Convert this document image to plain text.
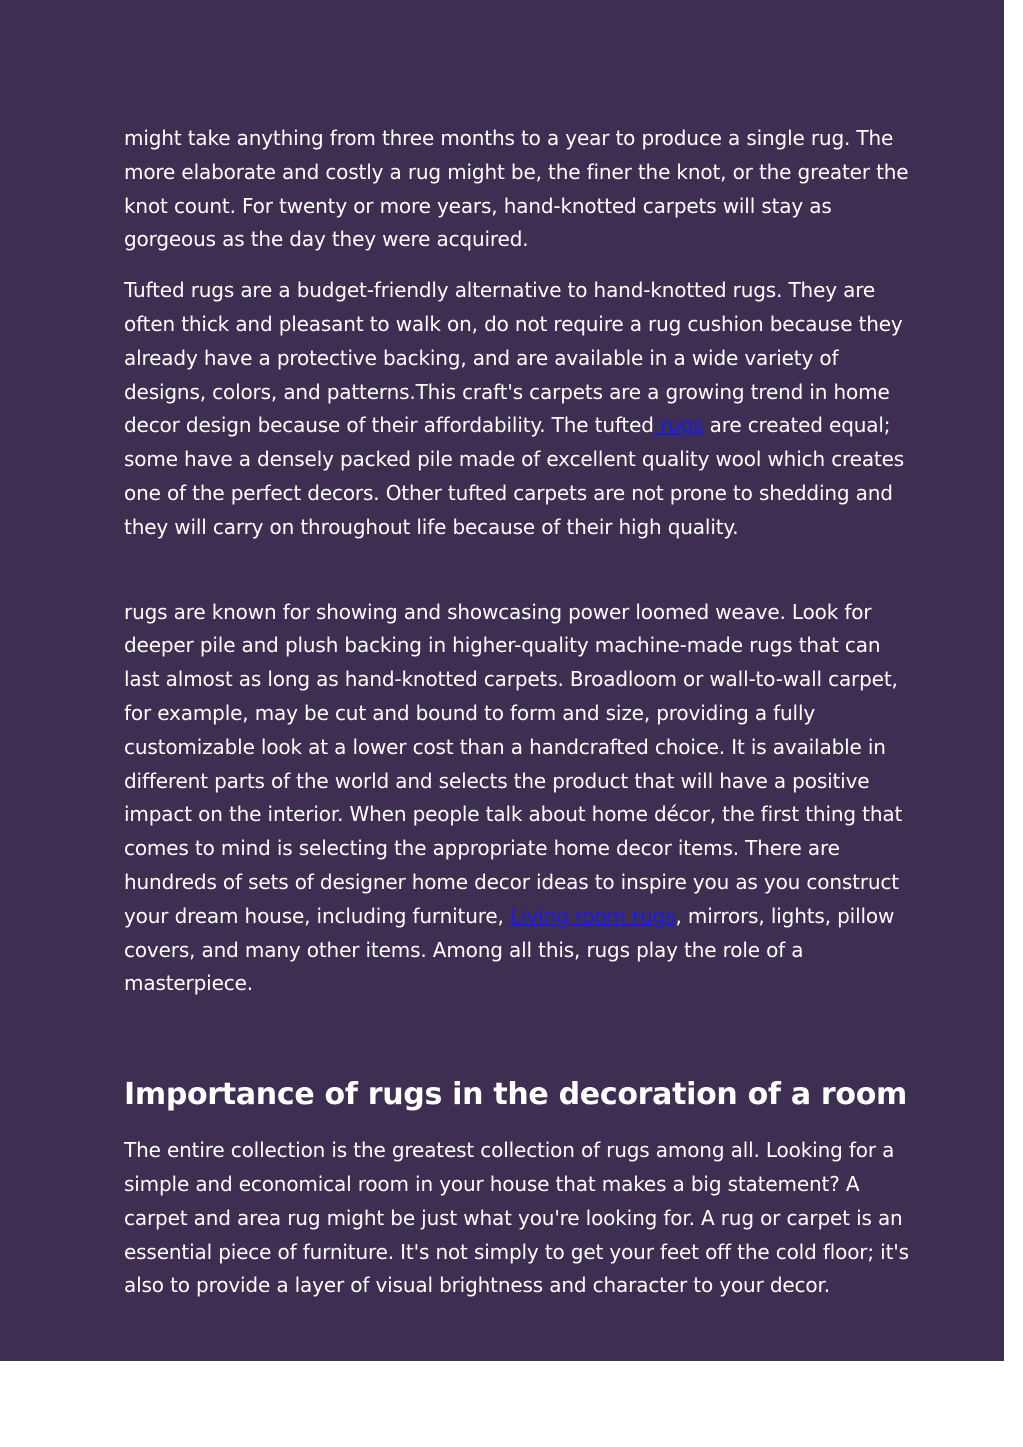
might take anything from three months to a year to produce a single rug. The more elaborate and costly a rug might be, the finer the knot, or the greater the knot count. For twenty or more years, hand-knotted carpets will stay as gorgeous as the day they were acquired.

Tufted rugs are a budget-friendly alternative to hand-knotted rugs. They are often thick and pleasant to walk on, do not require a rug cushion because they already have a protective backing, and are available in a wide variety of designs, colors, and patterns.This craft's carpets are a growing trend in home decor design because of their affordability. The tufted rugs are created equal; some have a densely packed pile made of excellent quality wool which creates one of the perfect decors. Other tufted carpets are not prone to shedding and they will carry on throughout life because of their high quality.

rugs are known for showing and showcasing power loomed weave. Look for deeper pile and plush backing in higher-quality machine-made rugs that can last almost as long as hand-knotted carpets. Broadloom or wall-to-wall carpet, for example, may be cut and bound to form and size, providing a fully customizable look at a lower cost than a handcrafted choice. It is available in different parts of the world and selects the product that will have a positive impact on the interior. When people talk about home décor, the first thing that comes to mind is selecting the appropriate home decor items. There are hundreds of sets of designer home decor ideas to inspire you as you construct your dream house, including furniture, Living room rugs, mirrors, lights, pillow covers, and many other items. Among all this, rugs play the role of a masterpiece.

Importance of rugs in the decoration of a room

The entire collection is the greatest collection of rugs among all. Looking for a simple and economical room in your house that makes a big statement? A carpet and area rug might be just what you're looking for. A rug or carpet is an essential piece of furniture. It's not simply to get your feet off the cold floor; it's also to provide a layer of visual brightness and character to your decor.
